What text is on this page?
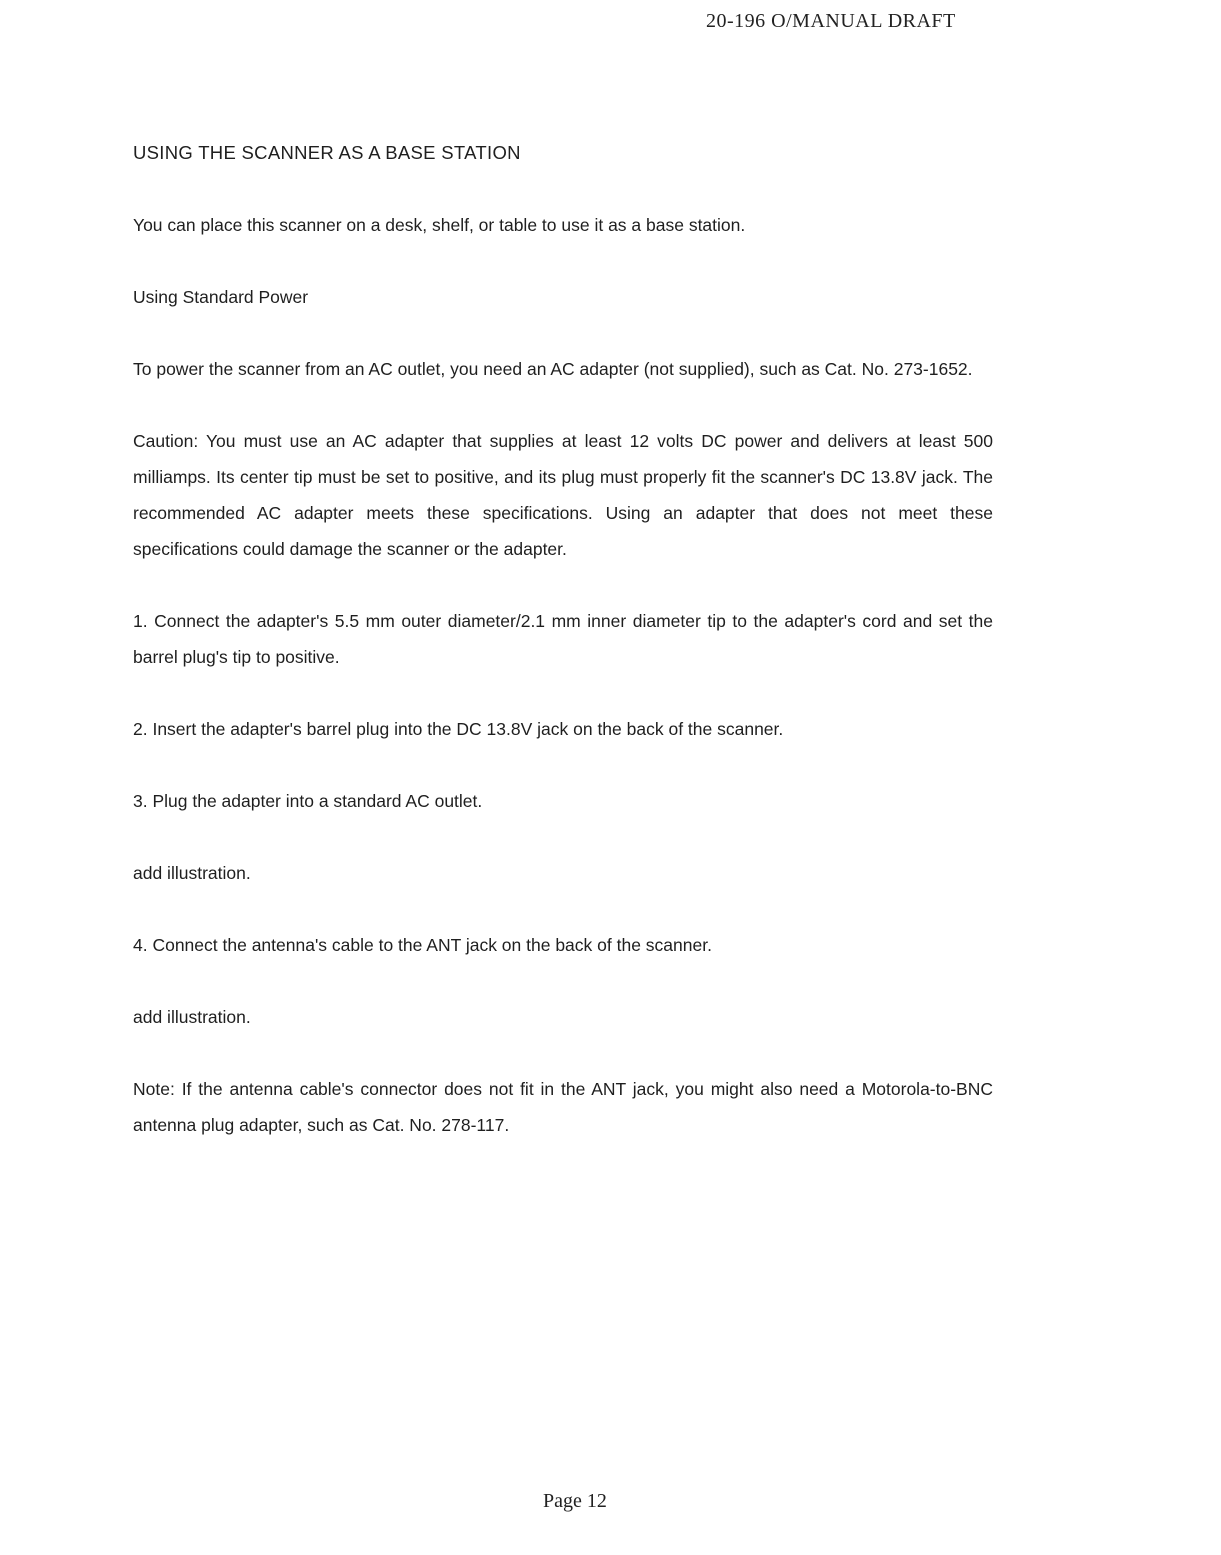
20-196 O/MANUAL DRAFT

USING THE SCANNER AS A BASE STATION

You can place this scanner on a desk, shelf, or table to use it as a base station.

Using Standard Power

To power the scanner from an AC outlet, you need an AC adapter (not supplied), such as Cat. No. 273-1652.

Caution: You must use an AC adapter that supplies at least 12 volts DC power and delivers at least 500 milliamps. Its center tip must be set to positive, and its plug must properly fit the scanner's DC 13.8V jack. The recommended AC adapter meets these specifications. Using an adapter that does not meet these specifications could damage the scanner or the adapter.

1. Connect the adapter's 5.5 mm outer diameter/2.1 mm inner diameter tip to the adapter's cord and set the barrel plug's tip to positive.

2. Insert the adapter's barrel plug into the DC 13.8V jack on the back of the scanner.

3. Plug the adapter into a standard AC outlet.

add illustration.

4. Connect the antenna's cable to the ANT jack on the back of the scanner.

add illustration.

Note: If the antenna cable's connector does not fit in the ANT jack, you might also need a Motorola-to-BNC antenna plug adapter, such as Cat. No. 278-117.

Page 12
